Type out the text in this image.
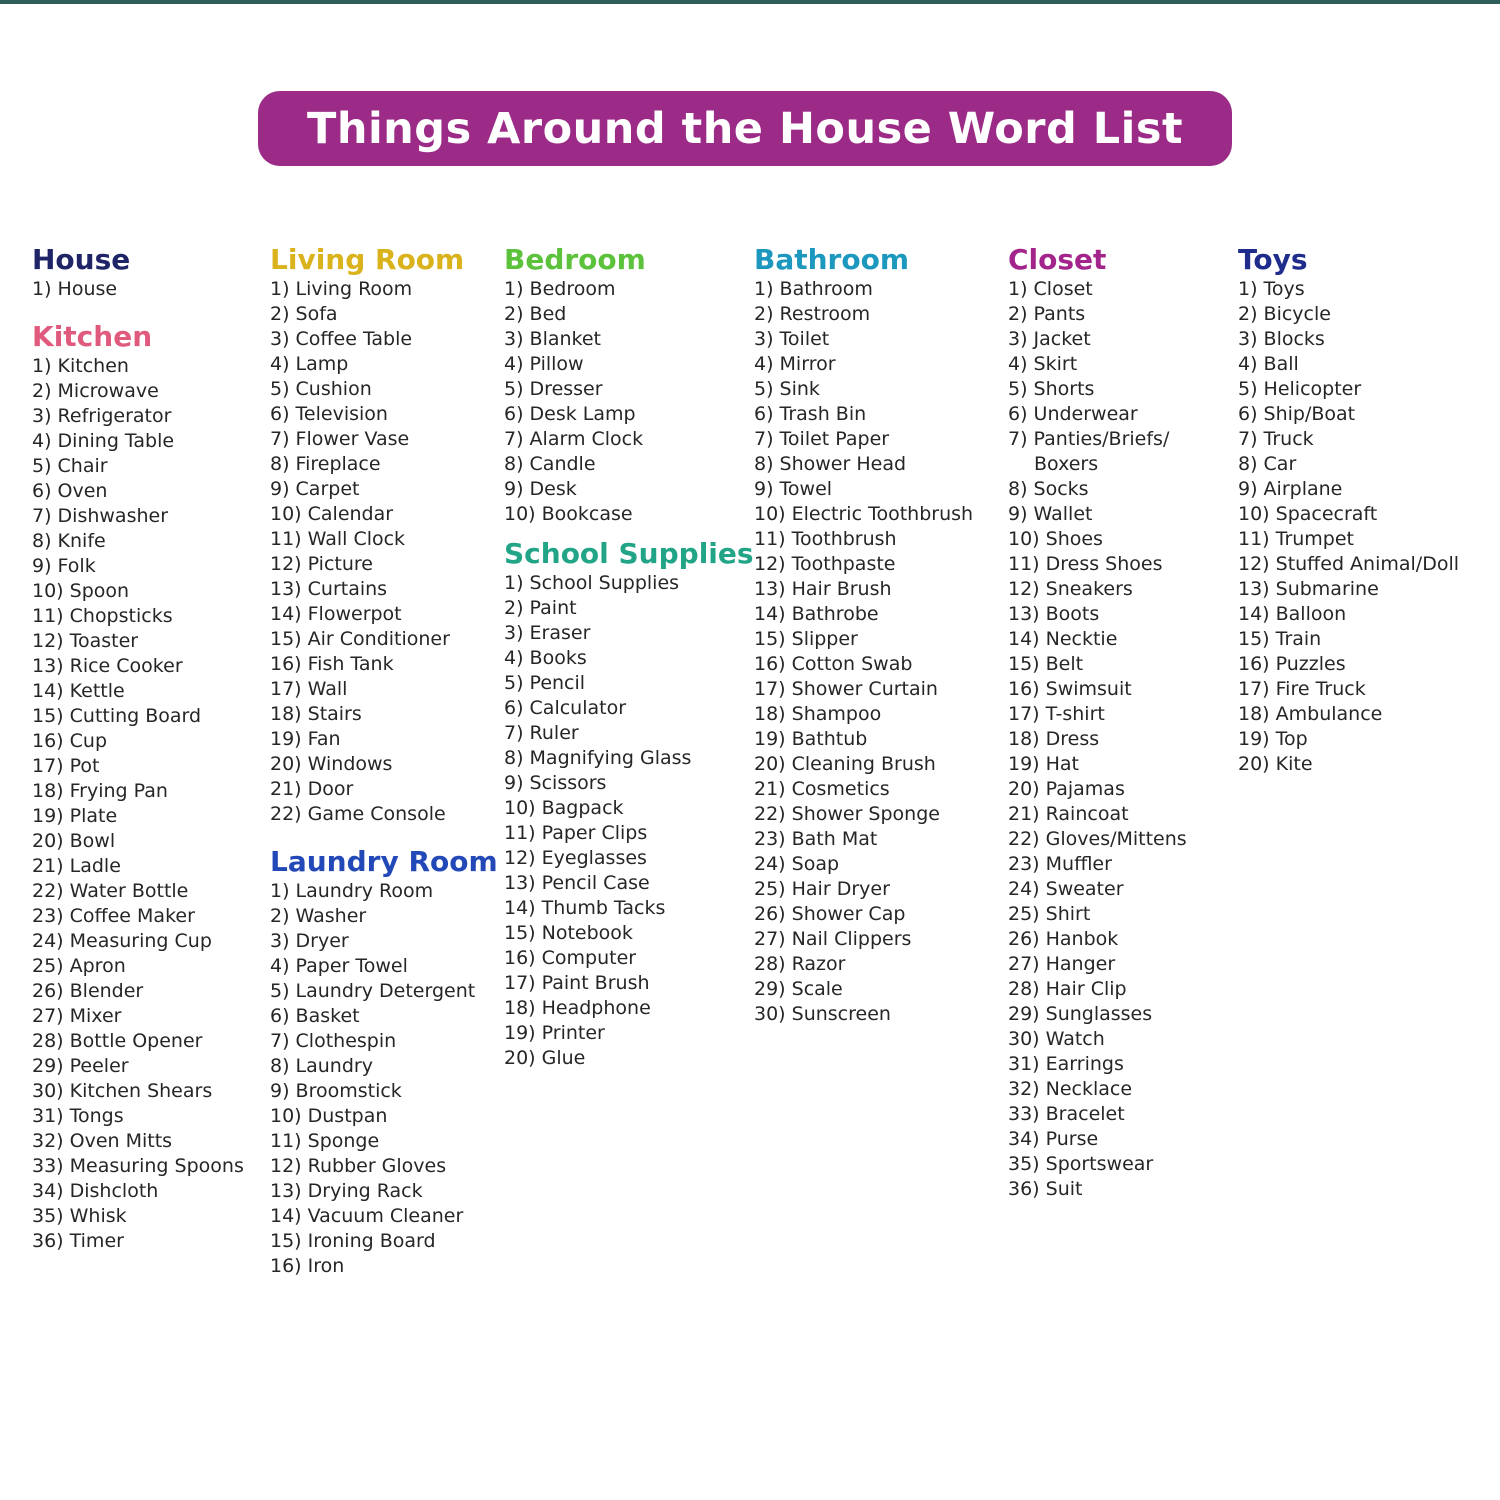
Things Around the House Word List
House
1) House
Kitchen
1) Kitchen
2) Microwave
3) Refrigerator
4) Dining Table
5) Chair
6) Oven
7) Dishwasher
8) Knife
9) Folk
10) Spoon
11) Chopsticks
12) Toaster
13) Rice Cooker
14) Kettle
15) Cutting Board
16) Cup
17) Pot
18) Frying Pan
19) Plate
20) Bowl
21) Ladle
22) Water Bottle
23) Coffee Maker
24) Measuring Cup
25) Apron
26) Blender
27) Mixer
28) Bottle Opener
29) Peeler
30) Kitchen Shears
31) Tongs
32) Oven Mitts
33) Measuring Spoons
34) Dishcloth
35) Whisk
36) Timer
Living Room
1) Living Room
2) Sofa
3) Coffee Table
4) Lamp
5) Cushion
6) Television
7) Flower Vase
8) Fireplace
9) Carpet
10) Calendar
11) Wall Clock
12) Picture
13) Curtains
14) Flowerpot
15) Air Conditioner
16) Fish Tank
17) Wall
18) Stairs
19) Fan
20) Windows
21) Door
22) Game Console
Laundry Room
1) Laundry Room
2) Washer
3) Dryer
4) Paper Towel
5) Laundry Detergent
6) Basket
7) Clothespin
8) Laundry
9) Broomstick
10) Dustpan
11) Sponge
12) Rubber Gloves
13) Drying Rack
14) Vacuum Cleaner
15) Ironing Board
16) Iron
Bedroom
1) Bedroom
2) Bed
3) Blanket
4) Pillow
5) Dresser
6) Desk Lamp
7) Alarm Clock
8) Candle
9) Desk
10) Bookcase
School Supplies
1) School Supplies
2) Paint
3) Eraser
4) Books
5) Pencil
6) Calculator
7) Ruler
8) Magnifying Glass
9) Scissors
10) Bagpack
11) Paper Clips
12) Eyeglasses
13) Pencil Case
14) Thumb Tacks
15) Notebook
16) Computer
17) Paint Brush
18) Headphone
19) Printer
20) Glue
Bathroom
1) Bathroom
2) Restroom
3) Toilet
4) Mirror
5) Sink
6) Trash Bin
7) Toilet Paper
8) Shower Head
9) Towel
10) Electric Toothbrush
11) Toothbrush
12) Toothpaste
13) Hair Brush
14) Bathrobe
15) Slipper
16) Cotton Swab
17) Shower Curtain
18) Shampoo
19) Bathtub
20) Cleaning Brush
21) Cosmetics
22) Shower Sponge
23) Bath Mat
24) Soap
25) Hair Dryer
26) Shower Cap
27) Nail Clippers
28) Razor
29) Scale
30) Sunscreen
Closet
1) Closet
2) Pants
3) Jacket
4) Skirt
5) Shorts
6) Underwear
7) Panties/Briefs/
Boxers
8) Socks
9) Wallet
10) Shoes
11) Dress Shoes
12) Sneakers
13) Boots
14) Necktie
15) Belt
16) Swimsuit
17) T-shirt
18) Dress
19) Hat
20) Pajamas
21) Raincoat
22) Gloves/Mittens
23) Muffler
24) Sweater
25) Shirt
26) Hanbok
27) Hanger
28) Hair Clip
29) Sunglasses
30) Watch
31) Earrings
32) Necklace
33) Bracelet
34) Purse
35) Sportswear
36) Suit
Toys
1) Toys
2) Bicycle
3) Blocks
4) Ball
5) Helicopter
6) Ship/Boat
7) Truck
8) Car
9) Airplane
10) Spacecraft
11) Trumpet
12) Stuffed Animal/Doll
13) Submarine
14) Balloon
15) Train
16) Puzzles
17) Fire Truck
18) Ambulance
19) Top
20) Kite
